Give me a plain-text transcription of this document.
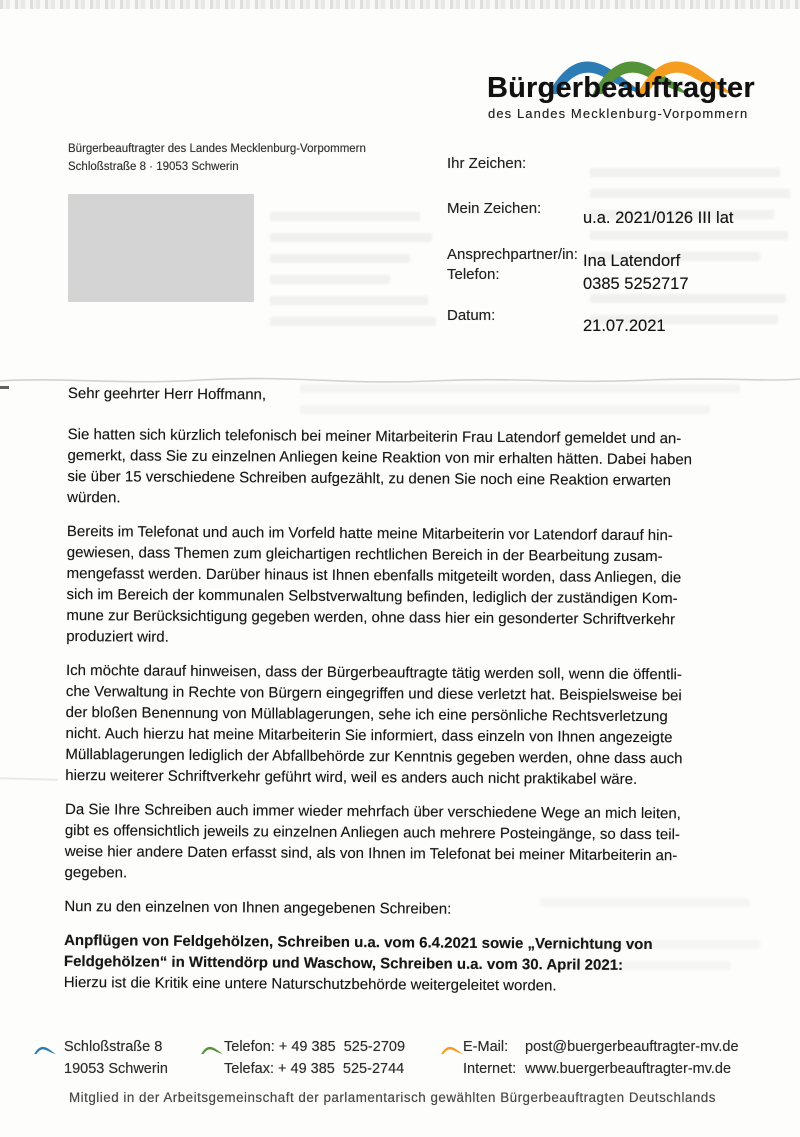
Bürgerbeauftragter
des Landes Mecklenburg-Vorpommern
Bürgerbeauftragter des Landes Mecklenburg-Vorpommern
Schloßstraße 8 · 19053 Schwerin	Ihr Zeichen:
Mein Zeichen:
u.a. 2021/0126 III lat
Ansprechpartner/in: Ina Latendorf
Telefon:
0385 5252717
Datum:
21.07.2021

Sehr geehrter Herr Hoffmann,

Sie hatten sich kürzlich telefonisch bei meiner Mitarbeiterin Frau Latendorf gemeldet und an-
gemerkt, dass Sie zu einzelnen Anliegen keine Reaktion von mir erhalten hätten. Dabei haben
sie über 15 verschiedene Schreiben aufgezählt, zu denen Sie noch eine Reaktion erwarten
würden.

Bereits im Telefonat und auch im Vorfeld hatte meine Mitarbeiterin vor Latendorf darauf hin-
gewiesen, dass Themen zum gleichartigen rechtlichen Bereich in der Bearbeitung zusam-
mengefasst werden. Darüber hinaus ist Ihnen ebenfalls mitgeteilt worden, dass Anliegen, die
sich im Bereich der kommunalen Selbstverwaltung befinden, lediglich der zuständigen Kom-
mune zur Berücksichtigung gegeben werden, ohne dass hier ein gesonderter Schriftverkehr
produziert wird.

Ich möchte darauf hinweisen, dass der Bürgerbeauftragte tätig werden soll, wenn die öffentli-
che Verwaltung in Rechte von Bürgern eingegriffen und diese verletzt hat. Beispielsweise bei
der bloßen Benennung von Müllablagerungen, sehe ich eine persönliche Rechtsverletzung
nicht. Auch hierzu hat meine Mitarbeiterin Sie informiert, dass einzeln von Ihnen angezeigte
Müllablagerungen lediglich der Abfallbehörde zur Kenntnis gegeben werden, ohne dass auch
hierzu weiterer Schriftverkehr geführt wird, weil es anders auch nicht praktikabel wäre.

Da Sie Ihre Schreiben auch immer wieder mehrfach über verschiedene Wege an mich leiten,
gibt es offensichtlich jeweils zu einzelnen Anliegen auch mehrere Posteingänge, so dass teil-
weise hier andere Daten erfasst sind, als von Ihnen im Telefonat bei meiner Mitarbeiterin an-
gegeben.

Nun zu den einzelnen von Ihnen angegebenen Schreiben:

Anpflügen von Feldgehölzen, Schreiben u.a. vom 6.4.2021 sowie „Vernichtung von
Feldgehölzen“ in Wittendörp und Waschow, Schreiben u.a. vom 30. April 2021:

Hierzu ist die Kritik eine untere Naturschutzbehörde weitergeleitet worden.

Schloßstraße 8
19053 Schwerin
Telefon: + 49 385  525-2709
Telefax: + 49 385  525-2744
E-Mail: post@buergerbeauftragter-mv.de
Internet: www.buergerbeauftragter-mv.de
Mitglied in der Arbeitsgemeinschaft der parlamentarisch gewählten Bürgerbeauftragten Deutschlands
